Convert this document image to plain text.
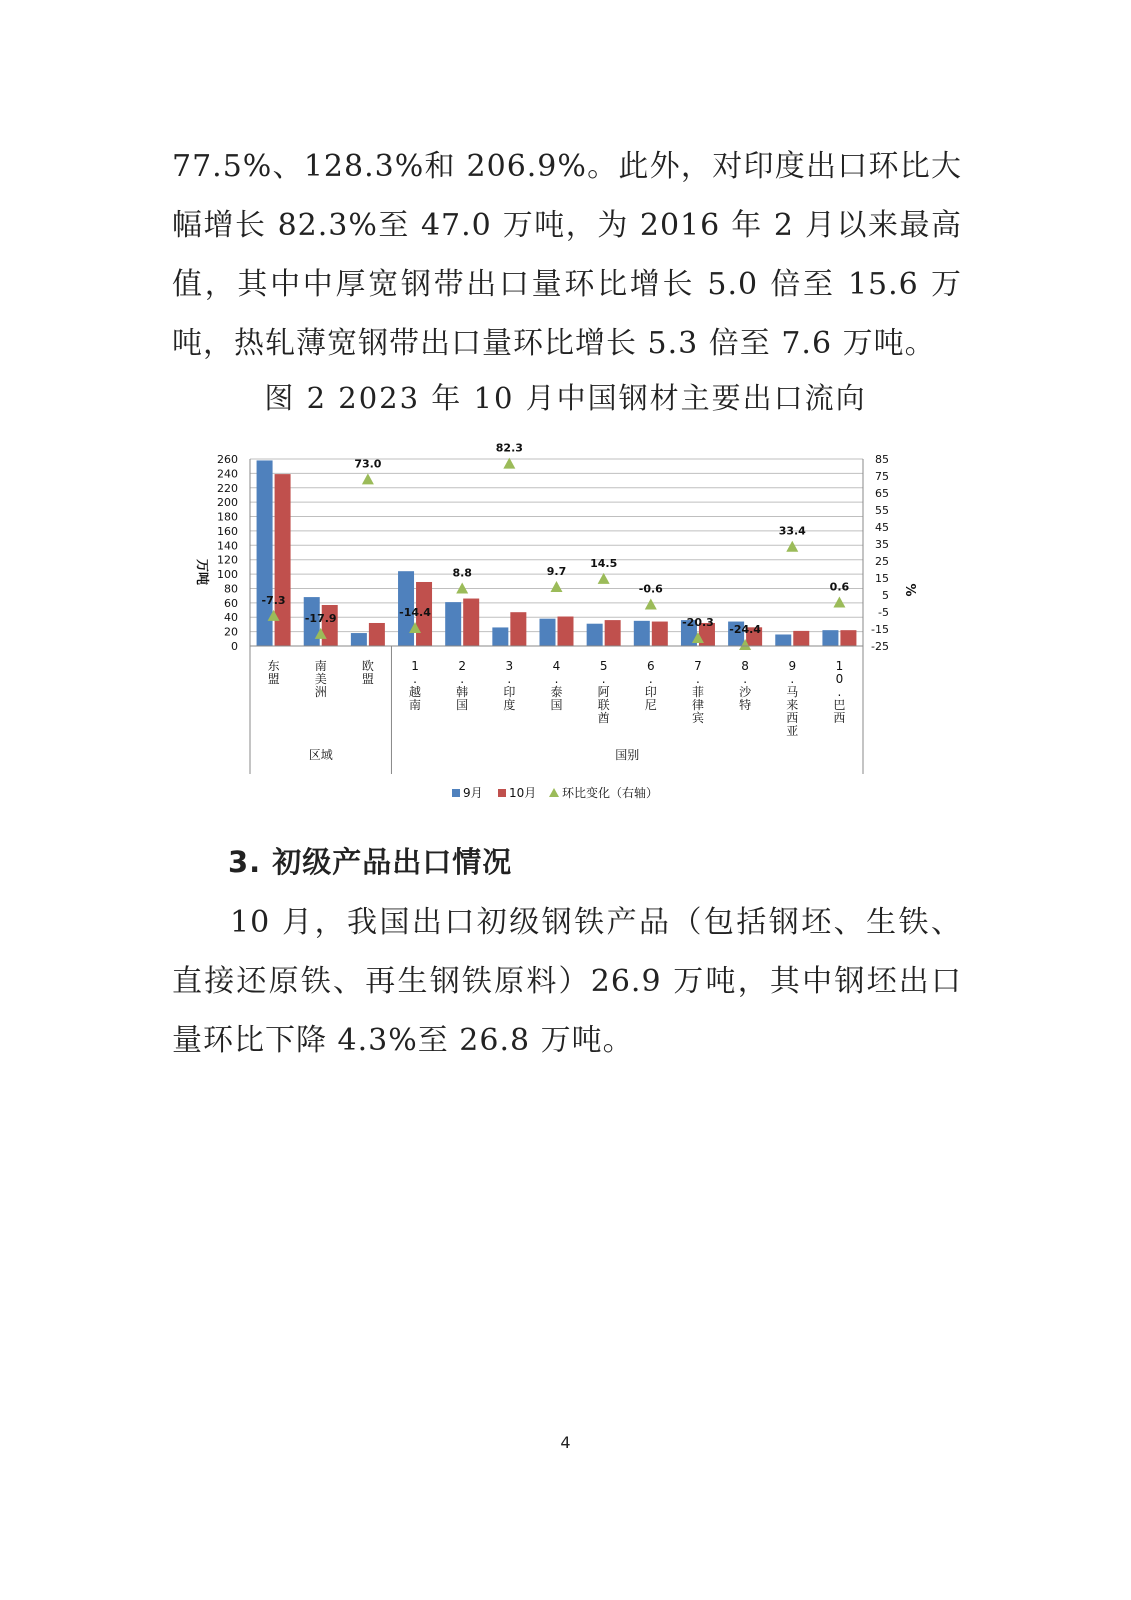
77.5%、128.3%和 206.9%。此外，对印度出口环比大幅增长 82.3%至 47.0 万吨，为 2016 年 2 月以来最高值，其中中厚宽钢带出口量环比增长 5.0 倍至 15.6 万吨，热轧薄宽钢带出口量环比增长 5.3 倍至 7.6 万吨。

图 2 2023 年 10 月中国钢材主要出口流向

0
20
40
60
80
100
120
140
160
180
200
220
240
260
-25
-15
-5
5
15
25
35
45
55
65
75
85
万吨
%
-7.3
东
盟
-17.9
南
美
洲
73.0
欧
盟
-14.4
1
.
越
南
8.8
2
.
韩
国
82.3
3
.
印
度
9.7
4
.
泰
国
14.5
5
.
阿
联
酋
-0.6
6
.
印
尼
-20.3
7
.
菲
律
宾
-24.4
8
.
沙
特
33.4
9
.
马
来
西
亚
0.6
1
0
.
巴
西
区域	国别
9月 10月 环比变化（右轴）
3. 初级产品出口情况

10 月，我国出口初级钢铁产品（包括钢坯、生铁、直接还原铁、再生钢铁原料）26.9 万吨，其中钢坯出口量环比下降 4.3%至 26.8 万吨。

4
